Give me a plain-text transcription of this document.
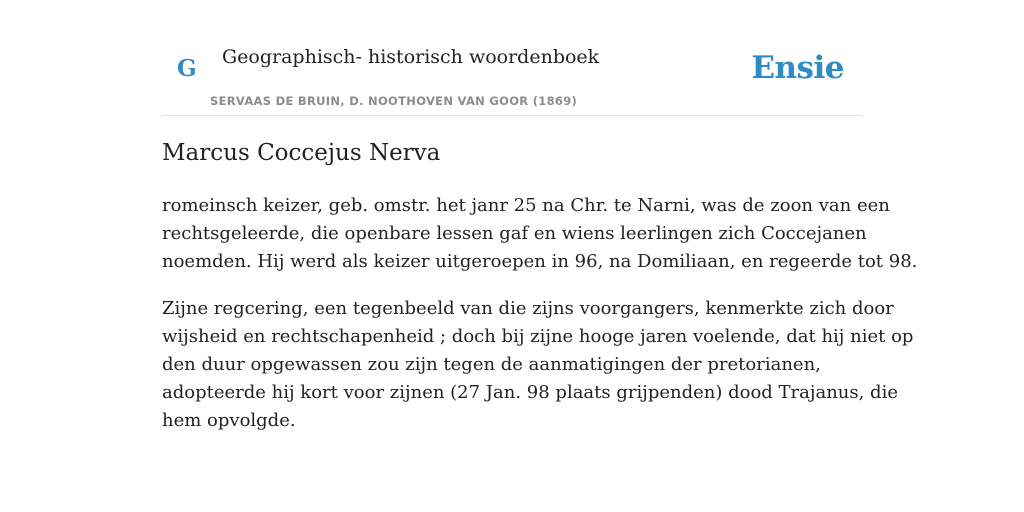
G Geographisch- historisch woordenboek
SERVAAS DE BRUIN, D. NOOTHOVEN VAN GOOR (1869)
Ensie
Marcus Coccejus Nerva

romeinsch keizer, geb. omstr. het janr 25 na Chr. te Narni, was de zoon van een
rechtsgeleerde, die openbare lessen gaf en wiens leerlingen zich Coccejanen
noemden. Hij werd als keizer uitgeroepen in 96, na Domiliaan, en regeerde tot 98.

Zijne regcering, een tegenbeeld van die zijns voorgangers, kenmerkte zich door
wijsheid en rechtschapenheid ; doch bij zijne hooge jaren voelende, dat hij niet op
den duur opgewassen zou zijn tegen de aanmatigingen der pretorianen,
adopteerde hij kort voor zijnen (27 Jan. 98 plaats grijpenden) dood Trajanus, die
hem opvolgde.
